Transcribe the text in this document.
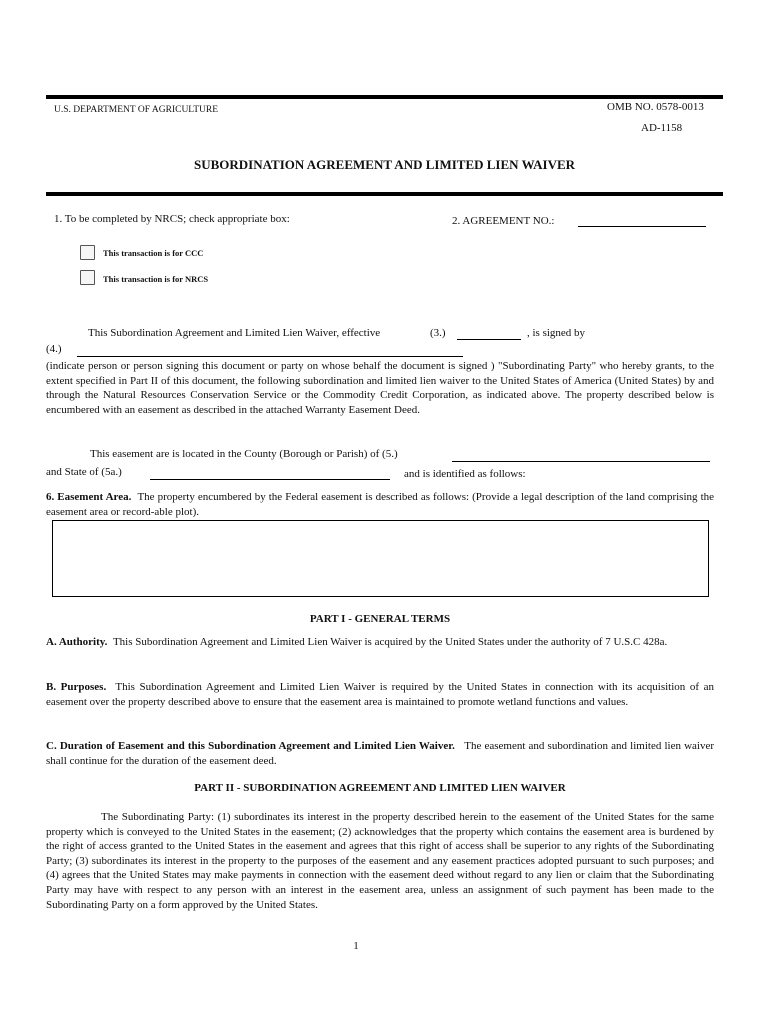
U.S. DEPARTMENT OF AGRICULTURE	OMB NO. 0578-0013
AD-1158
SUBORDINATION AGREEMENT AND LIMITED LIEN WAIVER
1. To be completed by NRCS; check appropriate box:	2. AGREEMENT NO.:
This transaction is for CCC
This transaction is for NRCS
This Subordination Agreement and Limited Lien Waiver, effective	(3.)	, is signed by
(4.)
(indicate person or person signing this document or party on whose behalf the document is signed ) "Subordinating Party" who hereby grants, to the extent specified in Part II of this document, the following subordination and limited lien waiver to the United States of America (United States) by and through the Natural Resources Conservation Service or the Commodity Credit Corporation, as indicated above. The property described below is encumbered with an easement as described in the attached Warranty Easement Deed.
This easement are is located in the County (Borough or Parish) of (5.)
and State of (5a.)	and is identified as follows:
6. Easement Area. The property encumbered by the Federal easement is described as follows: (Provide a legal description of the land comprising the easement area or record-able plot).
PART I - GENERAL TERMS
A. Authority. This Subordination Agreement and Limited Lien Waiver is acquired by the United States under the authority of 7 U.S.C 428a.
B. Purposes. This Subordination Agreement and Limited Lien Waiver is required by the United States in connection with its acquisition of an easement over the property described above to ensure that the easement area is maintained to promote wetland functions and values.
C. Duration of Easement and this Subordination Agreement and Limited Lien Waiver. The easement and subordination and limited lien waiver shall continue for the duration of the easement deed.
PART II - SUBORDINATION AGREEMENT AND LIMITED LIEN WAIVER
The Subordinating Party: (1) subordinates its interest in the property described herein to the easement of the United States for the same property which is conveyed to the United States in the easement; (2) acknowledges that the property which contains the easement area is burdened by the right of access granted to the United States in the easement and agrees that this right of access shall be superior to any rights of the Subordinating Party; (3) subordinates its interest in the property to the purposes of the easement and any easement practices adopted pursuant to such purposes; and (4) agrees that the United States may make payments in connection with the easement deed without regard to any lien or claim that the Subordinating Party may have with respect to any person with an interest in the easement area, unless an assignment of such payment has been made to the Subordinating Party on a form approved by the United States.
1
